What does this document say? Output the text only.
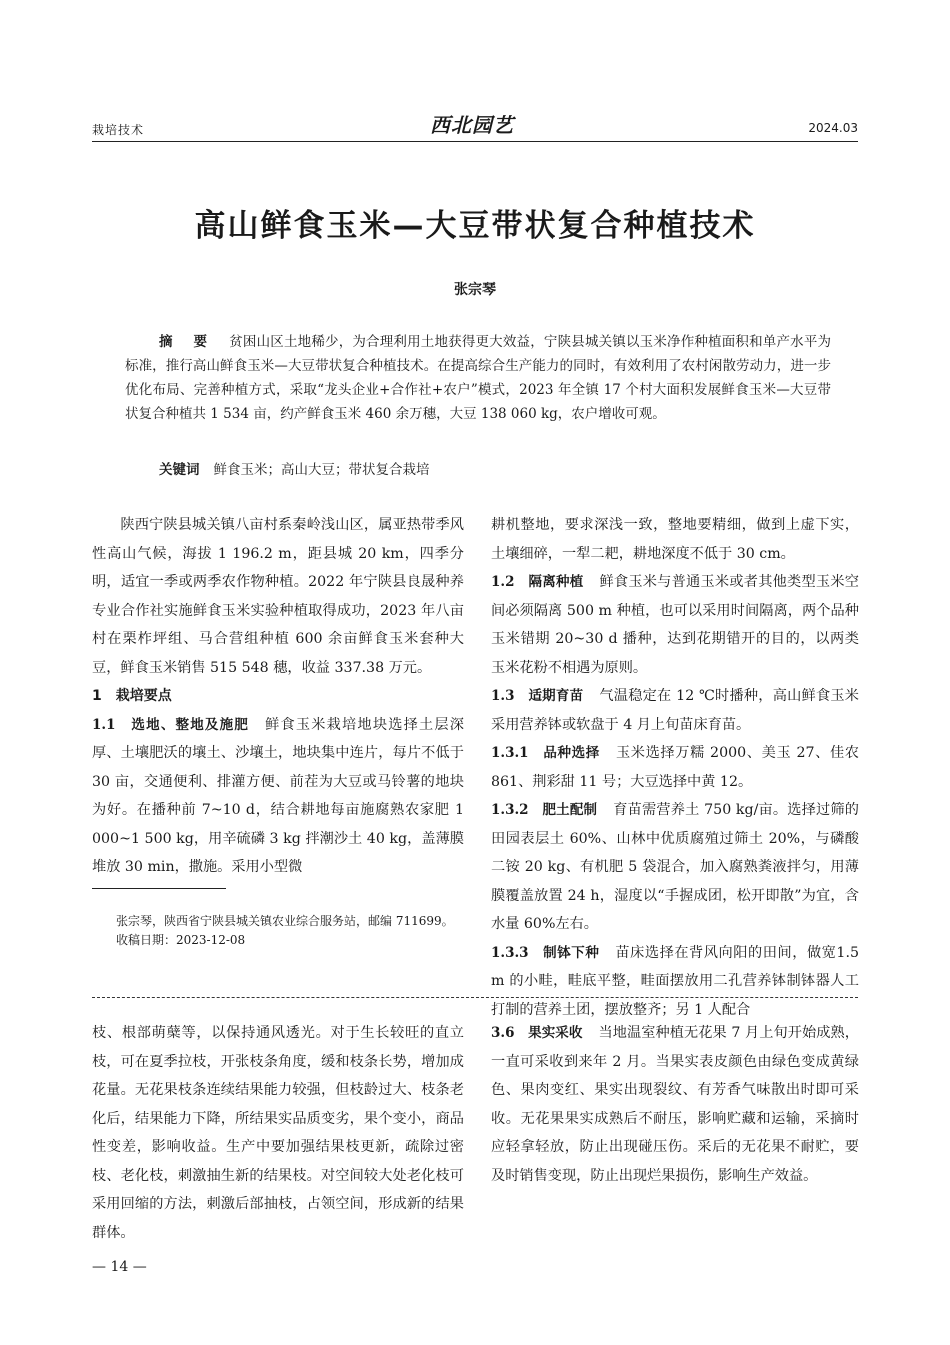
栽培技术	西北园艺	2024.03
高山鲜食玉米—大豆带状复合种植技术
张宗琴
摘 要 贫困山区土地稀少，为合理利用土地获得更大效益，宁陕县城关镇以玉米净作种植面积和单产水平为标准，推行高山鲜食玉米—大豆带状复合种植技术。在提高综合生产能力的同时，有效利用了农村闲散劳动力，进一步优化布局、完善种植方式，采取“龙头企业+合作社+农户”模式，2023 年全镇 17 个村大面积发展鲜食玉米—大豆带状复合种植共 1 534 亩，约产鲜食玉米 460 余万穗，大豆 138 060 kg，农户增收可观。
关键词 鲜食玉米；高山大豆；带状复合栽培

陕西宁陕县城关镇八亩村系秦岭浅山区，属亚热带季风性高山气候，海拔 1 196.2 m，距县城 20 km，四季分明，适宜一季或两季农作物种植。2022 年宁陕县良晟种养专业合作社实施鲜食玉米实验种植取得成功，2023 年八亩村在栗柞坪组、马合营组种植 600 余亩鲜食玉米套种大豆，鲜食玉米销售 515 548 穗，收益 337.38 万元。

1　栽培要点

1.1　选地、整地及施肥 鲜食玉米栽培地块选择土层深厚、土壤肥沃的壤土、沙壤土，地块集中连片，每片不低于 30 亩，交通便利、排灌方便、前茬为大豆或马铃薯的地块为好。在播种前 7~10 d，结合耕地每亩施腐熟农家肥 1 000~1 500 kg，用辛硫磷 3 kg 拌潮沙土 40 kg，盖薄膜堆放 30 min，撒施。采用小型微

张宗琴，陕西省宁陕县城关镇农业综合服务站，邮编 711699。

收稿日期：2023-12-08

耕机整地，要求深浅一致，整地要精细，做到上虚下实，土壤细碎，一犁二耙，耕地深度不低于 30 cm。

1.2　隔离种植 鲜食玉米与普通玉米或者其他类型玉米空间必须隔离 500 m 种植，也可以采用时间隔离，两个品种玉米错期 20~30 d 播种，达到花期错开的目的，以两类玉米花粉不相遇为原则。

1.3　适期育苗 气温稳定在 12 ℃时播种，高山鲜食玉米采用营养钵或软盘于 4 月上旬苗床育苗。

1.3.1　品种选择 玉米选择万糯 2000、美玉 27、佳农 861、荆彩甜 11 号；大豆选择中黄 12。

1.3.2　肥土配制 育苗需营养土 750 kg/亩。选择过筛的田园表层土 60%、山林中优质腐殖过筛土 20%，与磷酸二铵 20 kg、有机肥 5 袋混合，加入腐熟粪液拌匀，用薄膜覆盖放置 24 h，湿度以“手握成团，松开即散”为宜，含水量 60%左右。

1.3.3　制钵下种 苗床选择在背风向阳的田间，做宽1.5 m 的小畦，畦底平整，畦面摆放用二孔营养钵制钵器人工打制的营养土团，摆放整齐；另 1 人配合

枝、根部萌蘖等，以保持通风透光。对于生长较旺的直立枝，可在夏季拉枝，开张枝条角度，缓和枝条长势，增加成花量。无花果枝条连续结果能力较强，但枝龄过大、枝条老化后，结果能力下降，所结果实品质变劣，果个变小，商品性变差，影响收益。生产中要加强结果枝更新，疏除过密枝、老化枝，刺激抽生新的结果枝。对空间较大处老化枝可采用回缩的方法，刺激后部抽枝，占领空间，形成新的结果群体。

3.6　果实采收 当地温室种植无花果 7 月上旬开始成熟，一直可采收到来年 2 月。当果实表皮颜色由绿色变成黄绿色、果肉变红、果实出现裂纹、有芳香气味散出时即可采收。无花果果实成熟后不耐压，影响贮藏和运输，采摘时应轻拿轻放，防止出现碰压伤。采后的无花果不耐贮，要及时销售变现，防止出现烂果损伤，影响生产效益。

— 14 —
